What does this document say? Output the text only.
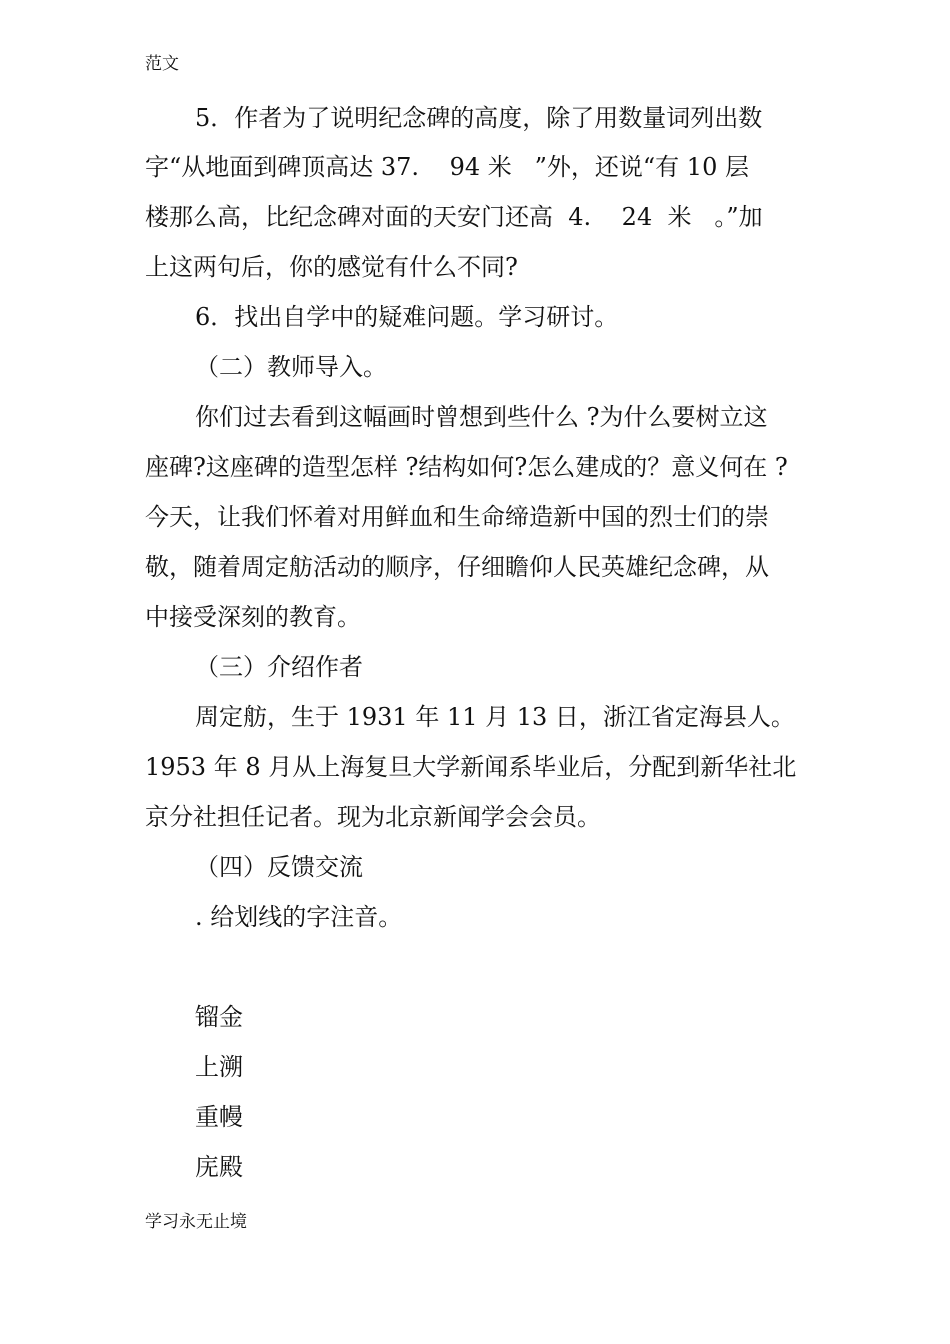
范文
5．作者为了说明纪念碑的高度，除了用数量词列出数
字“从地面到碑顶高达 37.    94 米   ”外，还说“有 10 层
楼那么高，比纪念碑对面的天安门还高  4.    24  米   。”加
上这两句后，你的感觉有什么不同?
6．找出自学中的疑难问题。学习研讨。
（二）教师导入。
你们过去看到这幅画时曾想到些什么 ?为什么要树立这
座碑?这座碑的造型怎样 ?结构如何?怎么建成的？意义何在 ?
今天，让我们怀着对用鲜血和生命缔造新中国的烈士们的崇
敬，随着周定舫活动的顺序，仔细瞻仰人民英雄纪念碑，从
中接受深刻的教育。
（三）介绍作者
周定舫，生于 1931 年 11 月 13 日，浙江省定海县人。
1953 年 8 月从上海复旦大学新闻系毕业后，分配到新华社北
京分社担任记者。现为北京新闻学会会员。
（四）反馈交流
. 给划线的字注音。
镏金
上溯
重幔
庑殿
学习永无止境
